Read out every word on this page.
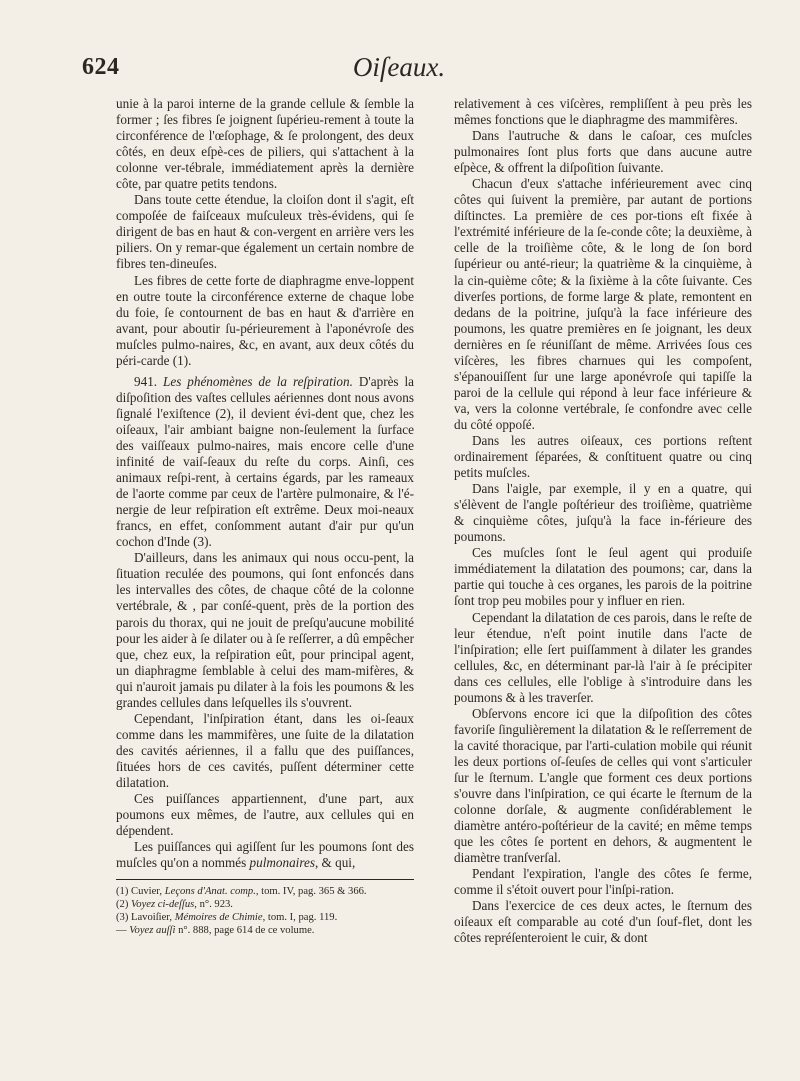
624	Oiſeaux.

unie à la paroi interne de la grande cellule & ſemble la former ; ſes fibres ſe joignent ſupérieu-rement à toute la circonférence de l'œſophage, & ſe prolongent, des deux côtés, en deux eſpè-ces de piliers, qui s'attachent à la colonne ver-tébrale, immédiatement après la dernière côte, par quatre petits tendons.

Dans toute cette étendue, la cloiſon dont il s'agit, eſt compoſée de faiſceaux muſculeux très-évidens, qui ſe dirigent de bas en haut & con-vergent en arrière vers les piliers. On y remar-que également un certain nombre de fibres ten-dineuſes.

Les fibres de cette forte de diaphragme enve-loppent en outre toute la circonférence externe de chaque lobe du foie, ſe contournent de bas en haut & d'arrière en avant, pour aboutir ſu-périeurement à l'aponévroſe des muſcles pulmo-naires, &c, en avant, aux deux côtés du péri-carde (1).

941. Les phénomènes de la reſpiration. D'après la diſpoſition des vaſtes cellules aériennes dont nous avons ſignalé l'exiſtence (2), il devient évi-dent que, chez les oiſeaux, l'air ambiant baigne non-ſeulement la ſurface des vaiſſeaux pulmo-naires, mais encore celle d'une infinité de vaiſ-ſeaux du reſte du corps. Ainſi, ces animaux reſpi-rent, à certains égards, par les rameaux de l'aorte comme par ceux de l'artère pulmonaire, & l'é-nergie de leur reſpiration eſt extrême. Deux moi-neaux francs, en effet, conſomment autant d'air pur qu'un cochon d'Inde (3).

D'ailleurs, dans les animaux qui nous occu-pent, la ſituation reculée des poumons, qui ſont enfoncés dans les intervalles des côtes, de chaque côté de la colonne vertébrale, & , par conſé-quent, près de la portion des parois du thorax, qui ne jouit de preſqu'aucune mobilité pour les aider à ſe dilater ou à ſe reſſerrer, a dû empêcher que, chez eux, la reſpiration eût, pour principal agent, un diaphragme ſemblable à celui des mam-mifères, & qui n'auroit jamais pu dilater à la fois les poumons & les grandes cellules dans leſquelles ils s'ouvrent.

Cependant, l'inſpiration étant, dans les oi-ſeaux comme dans les mammifères, une ſuite de la dilatation des cavités aériennes, il a fallu que des puiſſances, ſituées hors de ces cavités, puſſent déterminer cette dilatation.

Ces puiſſances appartiennent, d'une part, aux poumons eux mêmes, de l'autre, aux cellules qui en dépendent.

Les puiſſances qui agiſſent ſur les poumons ſont des muſcles qu'on a nommés pulmonaires, & qui,

(1) Cuvier, Leçons d'Anat. comp., tom. IV, pag. 365 & 366.
(2) Voyez ci-deſſus, n°. 923.
(3) Lavoiſier, Mémoires de Chimie, tom. I, pag. 119.
— Voyez auſſi n°. 888, page 614 de ce volume.

relativement à ces viſcères, rempliſſent à peu près les mêmes fonctions que le diaphragme des mammifères.

Dans l'autruche & dans le caſoar, ces muſcles pulmonaires ſont plus forts que dans aucune autre eſpèce, & offrent la diſpoſition ſuivante.

Chacun d'eux s'attache inférieurement avec cinq côtes qui ſuivent la première, par autant de portions diſtinctes. La première de ces por-tions eſt fixée à l'extrémité inférieure de la ſe-conde côte; la deuxième, à celle de la troiſième côte, & le long de ſon bord ſupérieur ou anté-rieur; la quatrième & la cinquième, à la cin-quième côte; & la ſixième à la côte ſuivante. Ces diverſes portions, de forme large & plate, remontent en dedans de la poitrine, juſqu'à la face inférieure des poumons, les quatre premières en ſe joignant, les deux dernières en ſe réuniſſant de même. Arrivées ſous ces viſcères, les fibres charnues qui les compoſent, s'épanouiſſent ſur une large aponévroſe qui tapiſſe la paroi de la cellule qui répond à leur face inférieure & va, vers la colonne vertébrale, ſe confondre avec celle du côté oppoſé.

Dans les autres oiſeaux, ces portions reſtent ordinairement ſéparées, & conſtituent quatre ou cinq petits muſcles.

Dans l'aigle, par exemple, il y en a quatre, qui s'élèvent de l'angle poſtérieur des troiſième, quatrième & cinquième côtes, juſqu'à la face in-férieure des poumons.

Ces muſcles ſont le ſeul agent qui produiſe immédiatement la dilatation des poumons; car, dans la partie qui touche à ces organes, les parois de la poitrine ſont trop peu mobiles pour y influer en rien.

Cependant la dilatation de ces parois, dans le reſte de leur étendue, n'eſt point inutile dans l'acte de l'inſpiration; elle ſert puiſſamment à dilater les grandes cellules, &c, en déterminant par-là l'air à ſe précipiter dans ces cellules, elle l'oblige à s'introduire dans les poumons & à les traverſer.

Obſervons encore ici que la diſpoſition des côtes favoriſe ſingulièrement la dilatation & le reſſerrement de la cavité thoracique, par l'arti-culation mobile qui réunit les deux portions oſ-ſeuſes de celles qui vont s'articuler ſur le ſternum. L'angle que forment ces deux portions s'ouvre dans l'inſpiration, ce qui écarte le ſternum de la colonne dorſale, & augmente conſidérablement le diamètre antéro-poſtérieur de la cavité; en même temps que les côtes ſe portent en dehors, & augmentent le diamètre tranſverſal.

Pendant l'expiration, l'angle des côtes ſe ferme, comme il s'étoit ouvert pour l'inſpi-ration.

Dans l'exercice de ces deux actes, le ſternum des oiſeaux eſt comparable au coté d'un ſouf-flet, dont les côtes repréſenteroient le cuir, & dont
